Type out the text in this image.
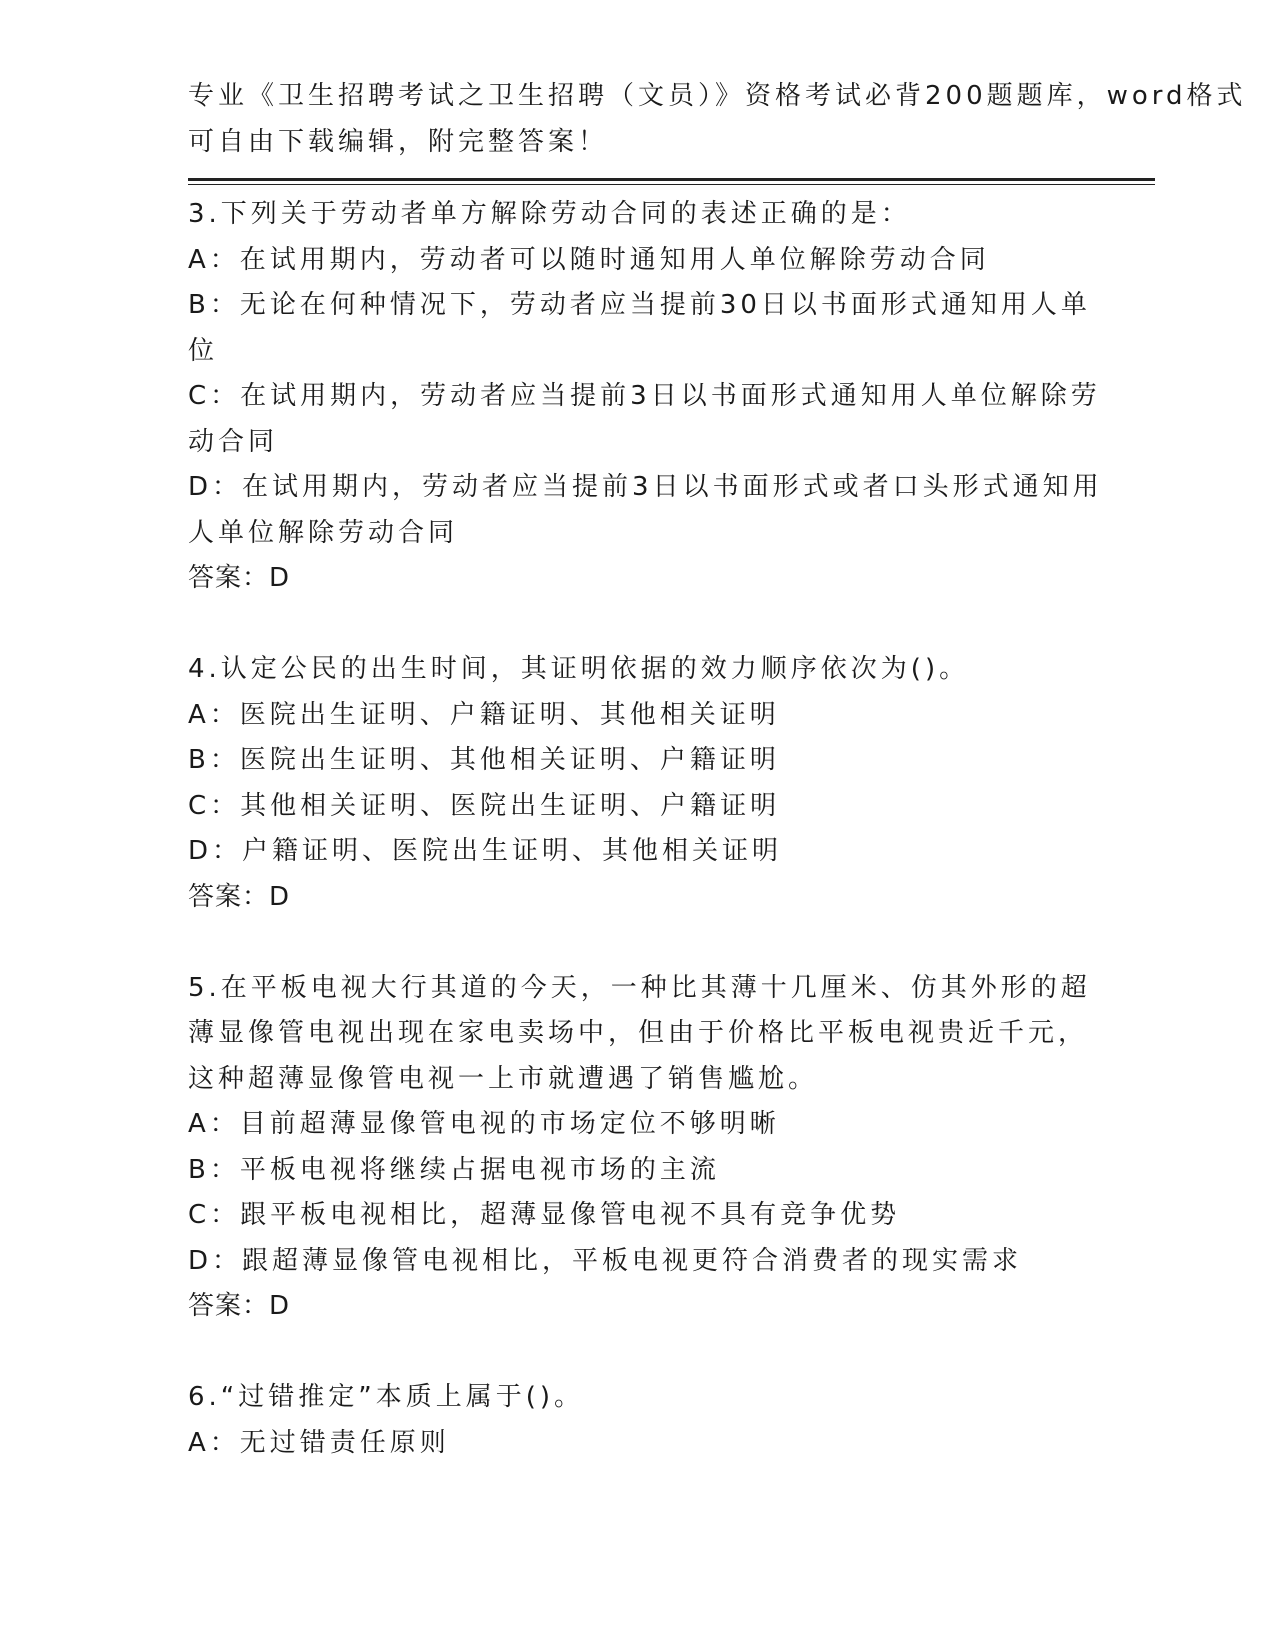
专业《卫生招聘考试之卫生招聘（文员）》资格考试必背200题题库，word格式
可自由下载编辑，附完整答案！
3.下列关于劳动者单方解除劳动合同的表述正确的是：
A：在试用期内，劳动者可以随时通知用人单位解除劳动合同
B：无论在何种情况下，劳动者应当提前30日以书面形式通知用人单
位
C：在试用期内，劳动者应当提前3日以书面形式通知用人单位解除劳
动合同
D：在试用期内，劳动者应当提前3日以书面形式或者口头形式通知用
人单位解除劳动合同
答案：D
4.认定公民的出生时间，其证明依据的效力顺序依次为()。
A：医院出生证明、户籍证明、其他相关证明
B：医院出生证明、其他相关证明、户籍证明
C：其他相关证明、医院出生证明、户籍证明
D：户籍证明、医院出生证明、其他相关证明
答案：D
5.在平板电视大行其道的今天，一种比其薄十几厘米、仿其外形的超
薄显像管电视出现在家电卖场中，但由于价格比平板电视贵近千元，
这种超薄显像管电视一上市就遭遇了销售尴尬。
A：目前超薄显像管电视的市场定位不够明晰
B：平板电视将继续占据电视市场的主流
C：跟平板电视相比，超薄显像管电视不具有竞争优势
D：跟超薄显像管电视相比，平板电视更符合消费者的现实需求
答案：D
6.“过错推定”本质上属于()。
A：无过错责任原则
